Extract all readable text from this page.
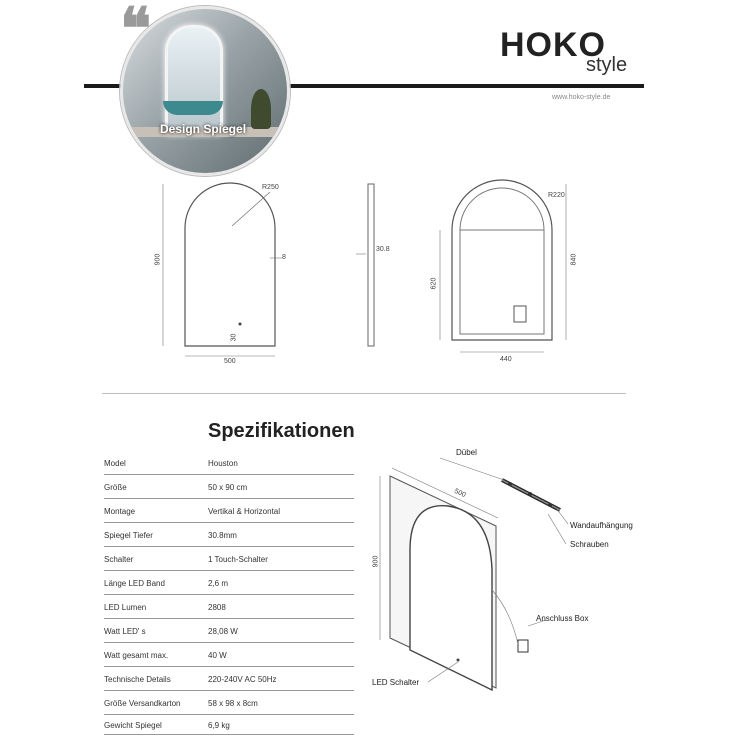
Design Spiegel
❝	HOKO
style
www.hoko-style.de
R250
900
500
8
30
30.8
R220
840
620
440
Spezifikationen
Model	Houston
Größe	50 x 90 cm
Montage	Vertikal & Horizontal
Spiegel Tiefer	30.8mm
Schalter	1 Touch-Schalter
Länge LED Band	2,6 m
LED Lumen	2808
Watt LED' s	28,08 W
Watt gesamt max.	40 W
Technische Details	220-240V AC 50Hz
Größe Versandkarton	58 x 98 x 8cm
Gewicht Spiegel	6,9 kg
Dübel
Wandaufhängung
Schrauben
Anschluss Box
LED Schalter
500
900
